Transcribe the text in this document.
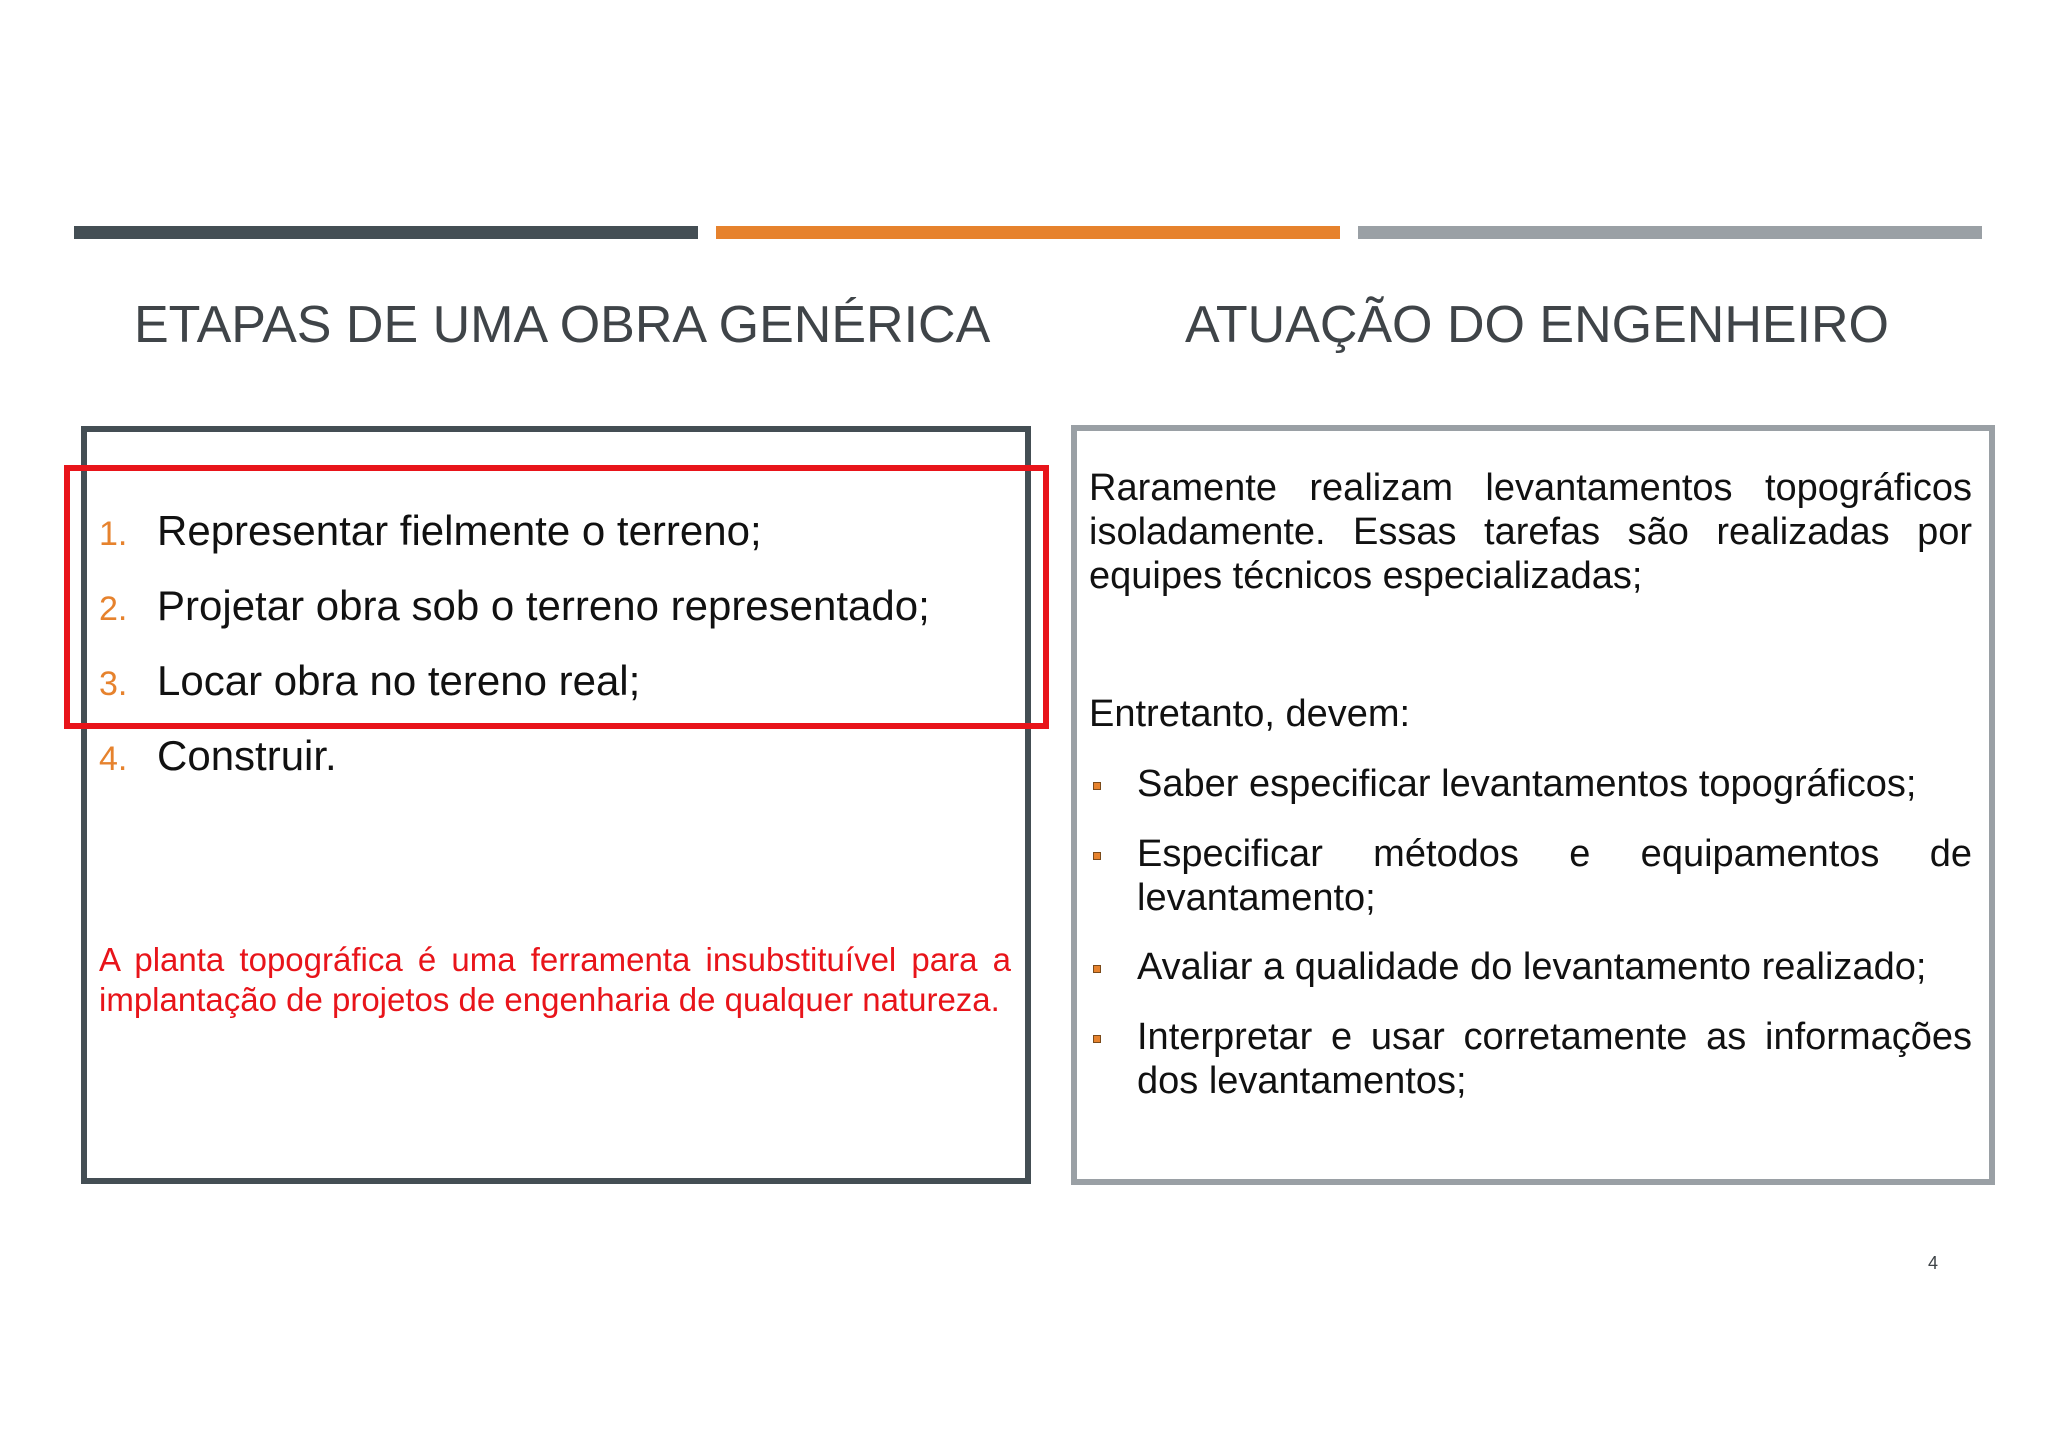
ETAPAS DE UMA OBRA GENÉRICA	ATUAÇÃO DO ENGENHEIRO
1. Representar fielmente o terreno;
2. Projetar obra sob o terreno representado;
3. Locar obra no tereno real;
4. Construir.
A planta topográfica é uma ferramenta insubstituível para a implantação de projetos de engenharia de qualquer natureza.
Raramente realizam levantamentos topográficos isoladamente. Essas tarefas são realizadas por equipes técnicos especializadas;
Entretanto, devem:
Saber especificar levantamentos topográficos;
Especificar métodos e equipamentos de levantamento;
Avaliar a qualidade do levantamento realizado;
Interpretar e usar corretamente as informações dos levantamentos;
4
